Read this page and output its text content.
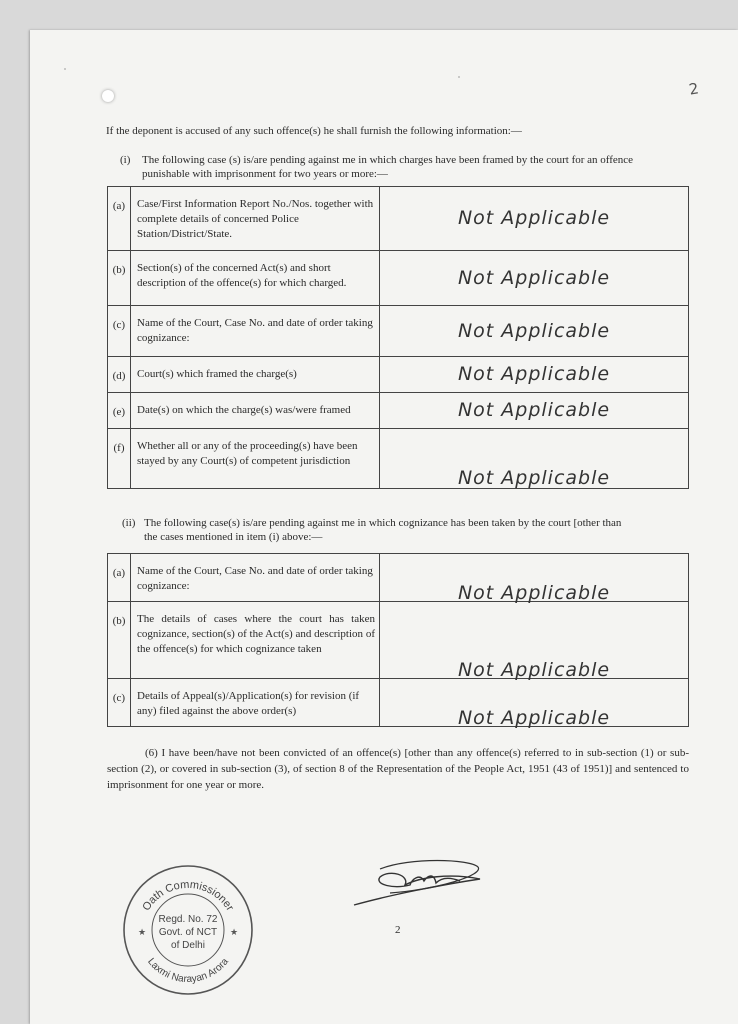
2
If the deponent is accused of any such offence(s) he shall furnish the following information:—
(i) The following case (s) is/are pending against me in which charges have been framed by the court for an offence
punishable with imprisonment for two years or more:—
(a)	Case/First Information Report No./Nos. together with complete details of concerned Police Station/District/State.	Not Applicable
(b)	Section(s) of the concerned Act(s) and short description of the offence(s) for which charged.	Not Applicable
(c)	Name of the Court, Case No. and date of order taking cognizance:	Not Applicable
(d)	Court(s) which framed the charge(s)	Not Applicable
(e)	Date(s) on which the charge(s) was/were framed	Not Applicable
(f)	Whether all or any of the proceeding(s) have been stayed by any Court(s) of competent jurisdiction	Not Applicable
(ii) The following case(s) is/are pending against me in which cognizance has been taken by the court [other than
the cases mentioned in item (i) above:—
(a)	Name of the Court, Case No. and date of order taking cognizance:	Not Applicable
(b)	The details of cases where the court has taken cognizance, section(s) of the Act(s) and description of the offence(s) for which cognizance taken	Not Applicable
(c)	Details of Appeal(s)/Application(s) for revision (if any) filed against the above order(s)	Not Applicable
(6) I have been/have not been convicted of an offence(s) [other than any offence(s) referred to in sub-section (1) or sub-section (2), or covered in sub-section (3), of section 8 of the Representation of the People Act, 1951 (43 of 1951)] and sentenced to imprisonment for one year or more.
2
Oath Commissioner
Laxmi Narayan Arora
Regd. No. 72
Govt. of NCT
of Delhi
★	★
